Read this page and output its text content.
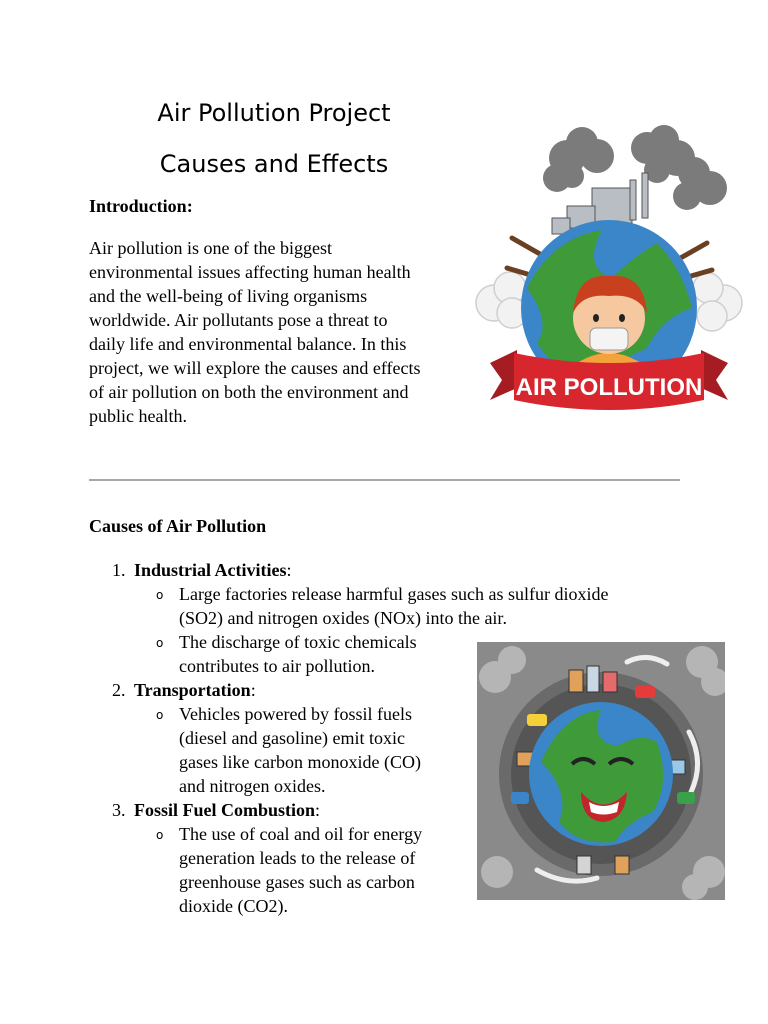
Air Pollution Project
Causes and Effects
Introduction:
Air pollution is one of the biggest
environmental issues affecting human health
and the well-being of living organisms
worldwide. Air pollutants pose a threat to
daily life and environmental balance. In this
project, we will explore the causes and effects
of air pollution on both the environment and
public health.
AIR POLLUTION
Causes of Air Pollution
1. Industrial Activities:
o Large factories release harmful gases such as sulfur dioxide
(SO2) and nitrogen oxides (NOx) into the air.
o The discharge of toxic chemicals
contributes to air pollution.
2. Transportation:
o Vehicles powered by fossil fuels
(diesel and gasoline) emit toxic
gases like carbon monoxide (CO)
and nitrogen oxides.
3. Fossil Fuel Combustion:
o The use of coal and oil for energy
generation leads to the release of
greenhouse gases such as carbon
dioxide (CO2).
